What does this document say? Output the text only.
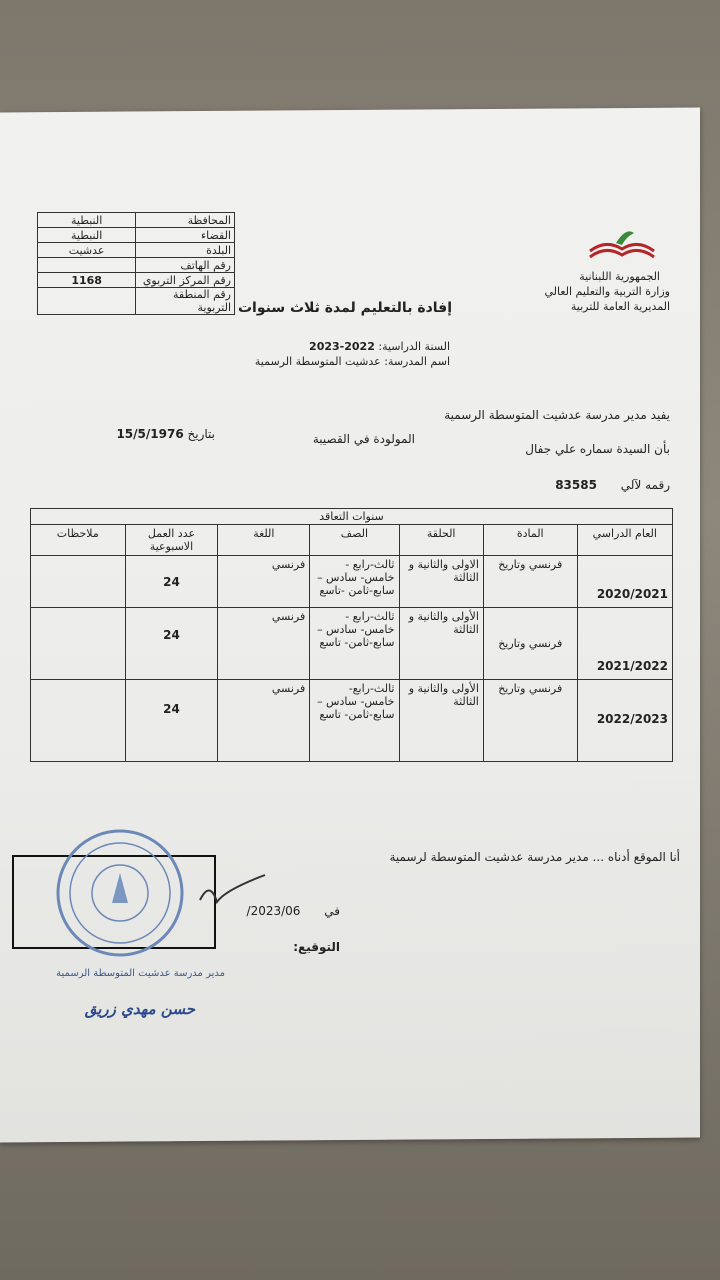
المحافظة	النبطية
القضاء	النبطية
البلدة	عدشيت
رقم الهاتف	
رقم المركز التربوي	1168
رقم المنطقة التربوية	
الجمهورية اللبنانية
وزارة التربية والتعليم العالي
المديرية العامة للتربية
إفادة بالتعليم لمدة ثلاث سنوات
السنة الدراسية: 2022-2023
اسم المدرسة: عدشيت المتوسطة الرسمية
يفيد مدير مدرسة عدشيت المتوسطة الرسمية
بأن السيدة سماره علي جفال
المولودة في القصيبة
بتاريخ 15/5/1976
رقمه لآلي 83585
سنوات التعاقد						
العام الدراسي	المادة	الحلقة	الصف	اللغة	عدد العمل الاسبوعية	ملاحظات
2020/2021	فرنسي وتاريخ	الاولى والثانية و الثالثة	ثالث-رابع - خامس- سادس – سابع-ثامن -تاسع	فرنسي	24	
2021/2022	فرنسي وتاريخ	الأولى والثانية و الثالثة	ثالث-رابع - خامس- سادس – سابع-ثامن- تاسع	فرنسي	24	
2022/2023	فرنسي وتاريخ	الأولى والثانية و الثالثة	ثالث-رابع- خامس- سادس – سابع-ثامن- تاسع	فرنسي	24	
أنا الموقع أدناه ... مدير مدرسة عدشيت المتوسطة لرسمية
في 2023/06/
التوقيع:
مدير مدرسة عدشيت المتوسطة الرسمية
حسن مهدي زريق
